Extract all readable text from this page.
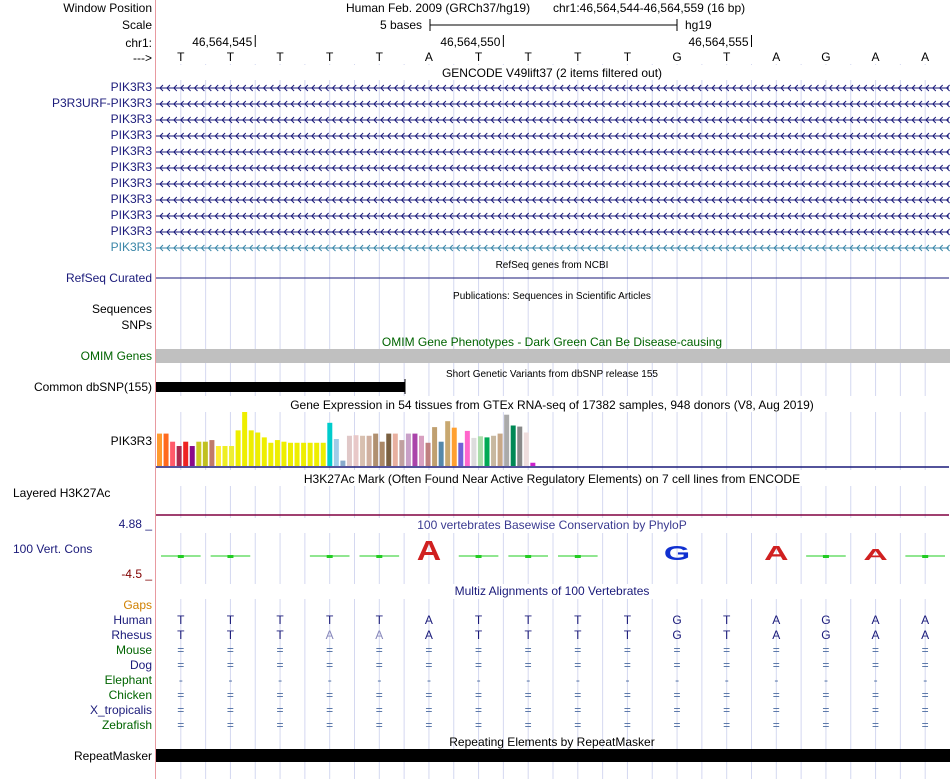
Human Feb. 2009 (GRCh37/hg19) chr1:46,564,544-46,564,559 (16 bp)
5 bases	hg19
46,564,545	46,564,550	46,564,555
T	T	T	T	T	A	T	T	T	T	G	T	A	G	A	A
GENCODE V49lift37 (2 items filtered out)
RefSeq genes from NCBI
Publications: Sequences in Scientific Articles
OMIM Gene Phenotypes - Dark Green Can Be Disease-causing
Short Genetic Variants from dbSNP release 155
Gene Expression in 54 tissues from GTEx RNA-seq of 17382 samples, 948 donors (V8, Aug 2019)
H3K27Ac Mark (Often Found Near Active Regulatory Elements) on 7 cell lines from ENCODE
100 vertebrates Basewise Conservation by PhyloP
A	G	A	A
Multiz Alignments of 100 Vertebrates
T	T	T	T	T	A	T	T	T	T	G	T	A	G	A	A
T	T	T	A	A	A	T	T	T	T	G	T	A	G	A	A
=	=	=	=	=	=	=	=	=	=	=	=	=	=	=	=
=	=	=	=	=	=	=	=	=	=	=	=	=	=	=	=
-	-	-	-	-	-	-	-	-	-	-	-	-	-	-	-
=	=	=	=	=	=	=	=	=	=	=	=	=	=	=	=
=	=	=	=	=	=	=	=	=	=	=	=	=	=	=	=
=	=	=	=	=	=	=	=	=	=	=	=	=	=	=	=
Repeating Elements by RepeatMasker
Window Position
Scale
chr1:
--->
PIK3R3
P3R3URF-PIK3R3
PIK3R3
PIK3R3
PIK3R3
PIK3R3
PIK3R3
PIK3R3
PIK3R3
PIK3R3
PIK3R3
RefSeq Curated
Sequences
SNPs
OMIM Genes
Common dbSNP(155)
PIK3R3
Layered H3K27Ac
4.88 _
100 Vert. Cons
-4.5 _
Gaps
Human
Rhesus
Mouse
Dog
Elephant
Chicken
X_tropicalis
Zebrafish
RepeatMasker
